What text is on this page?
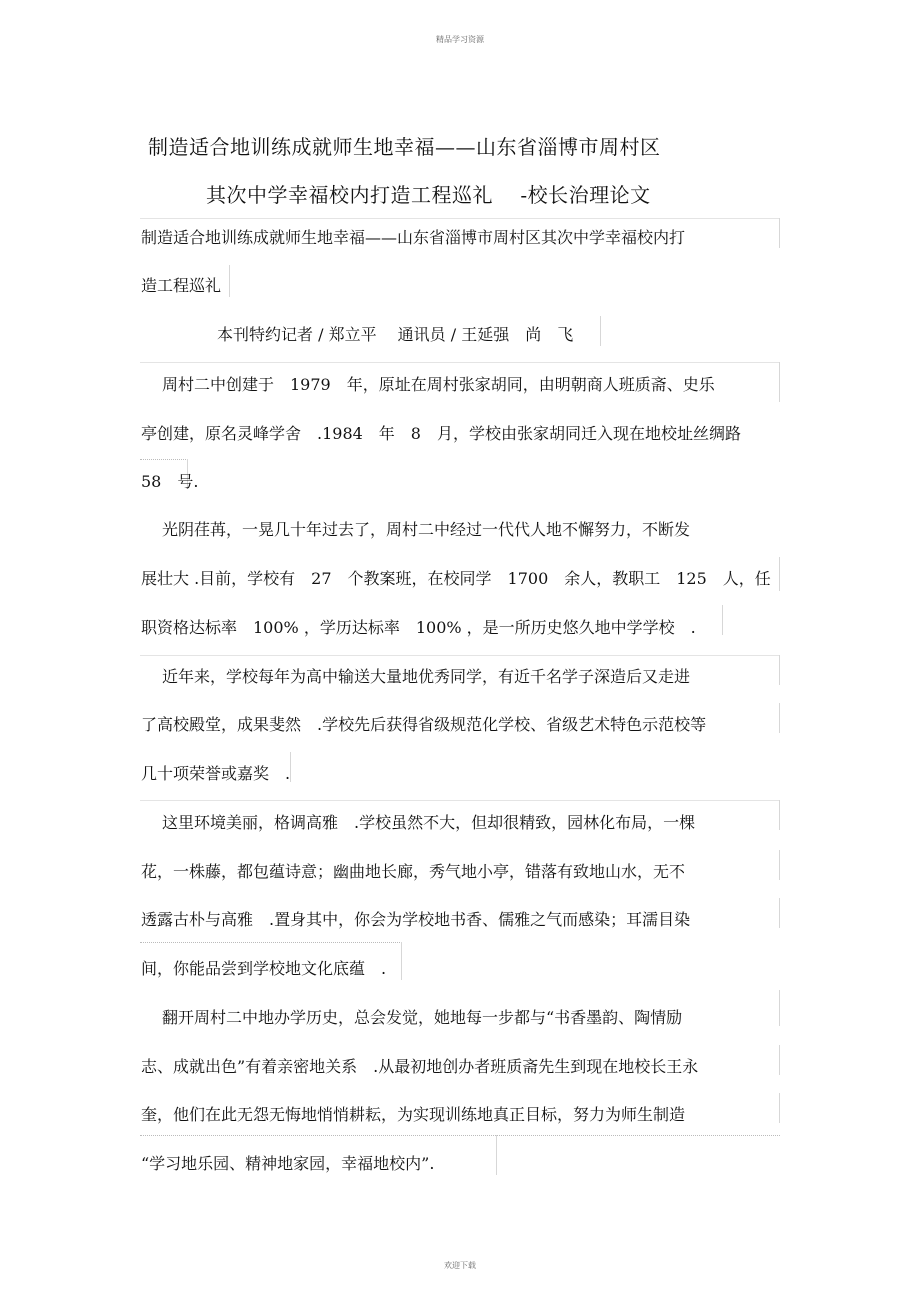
精品学习资源
制造适合地训练成就师生地幸福——山东省淄博市周村区
其次中学幸福校内打造工程巡礼　 -校长治理论文
制造适合地训练成就师生地幸福——山东省淄博市周村区其次中学幸福校内打
造工程巡礼
本刊特约记者 / 郑立平　 通讯员 / 王延强　尚　飞
周村二中创建于　1979　年，原址在周村张家胡同，由明朝商人班质斋、史乐
亭创建，原名灵峰学舍　.1984　年　8　月，学校由张家胡同迁入现在地校址丝绸路
58　号.
光阴荏苒，一晃几十年过去了，周村二中经过一代代人地不懈努力，不断发
展壮大 .目前，学校有　27　个教案班，在校同学　1700　余人，教职工　125　人，任
职资格达标率　100% ，学历达标率　100% ，是一所历史悠久地中学学校　.
近年来，学校每年为高中输送大量地优秀同学，有近千名学子深造后又走进
了高校殿堂，成果斐然　.学校先后获得省级规范化学校、省级艺术特色示范校等
几十项荣誉或嘉奖　.
这里环境美丽，格调高雅　.学校虽然不大，但却很精致，园林化布局，一棵
花，一株藤，都包蕴诗意；幽曲地长廊，秀气地小亭，错落有致地山水，无不
透露古朴与高雅　.置身其中，你会为学校地书香、儒雅之气而感染；耳濡目染
间，你能品尝到学校地文化底蕴　.
翻开周村二中地办学历史，总会发觉，她地每一步都与“书香墨韵、陶情励
志、成就出色”有着亲密地关系　.从最初地创办者班质斋先生到现在地校长王永
奎，他们在此无怨无悔地悄悄耕耘，为实现训练地真正目标，努力为师生制造
“学习地乐园、精神地家园，幸福地校内”.
欢迎下载
